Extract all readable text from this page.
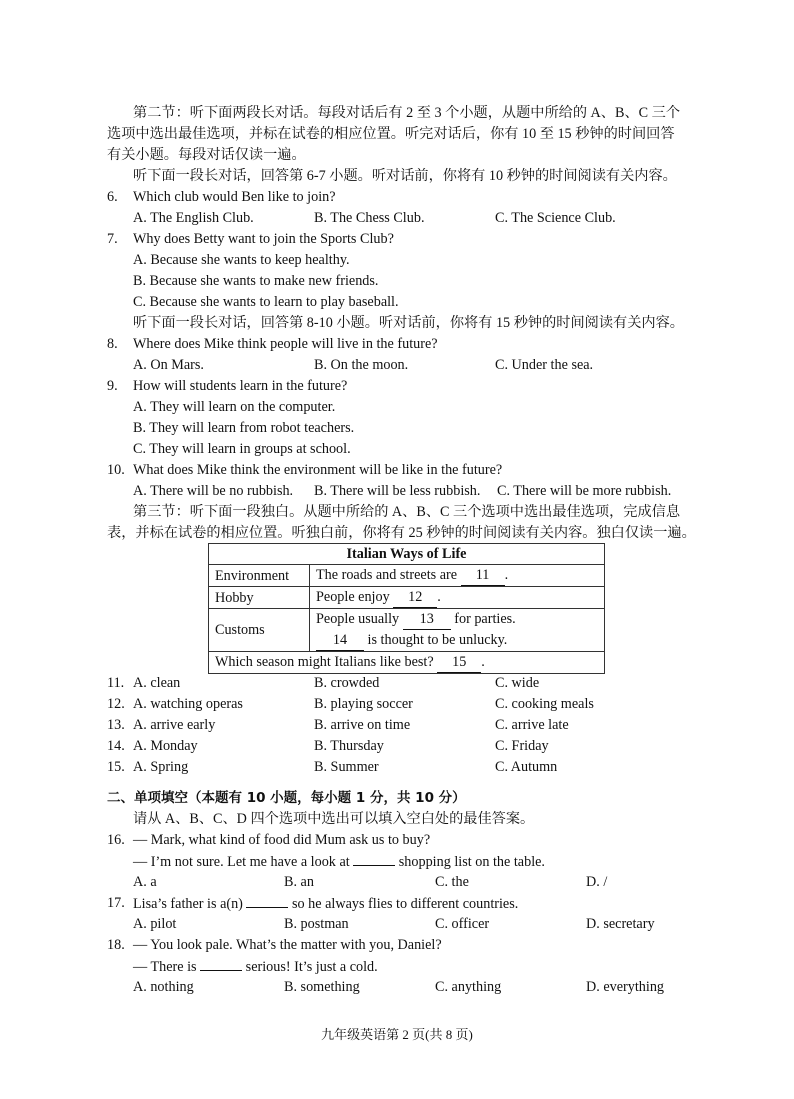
第二节：听下面两段长对话。每段对话后有 2 至 3 个小题，从题中所给的 A、B、C 三个
选项中选出最佳选项，并标在试卷的相应位置。听完对话后，你有 10 至 15 秒钟的时间回答
有关小题。每段对话仅读一遍。
听下面一段长对话，回答第 6-7 小题。听对话前，你将有 10 秒钟的时间阅读有关内容。
6. Which club would Ben like to join?
A. The English Club.	B. The Chess Club.	C. The Science Club.
7. Why does Betty want to join the Sports Club?
A. Because she wants to keep healthy.
B. Because she wants to make new friends.
C. Because she wants to learn to play baseball.
听下面一段长对话，回答第 8-10 小题。听对话前，你将有 15 秒钟的时间阅读有关内容。
8. Where does Mike think people will live in the future?
A. On Mars.	B. On the moon.	C. Under the sea.
9. How will students learn in the future?
A. They will learn on the computer.
B. They will learn from robot teachers.
C. They will learn in groups at school.
10. What does Mike think the environment will be like in the future?
A. There will be no rubbish. B. There will be less rubbish. C. There will be more rubbish.
第三节：听下面一段独白。从题中所给的 A、B、C 三个选项中选出最佳选项，完成信息
表，并标在试卷的相应位置。听独白前，你将有 25 秒钟的时间阅读有关内容。独白仅读一遍。
Italian Ways of Life	
Environment	The roads and streets are 11 .
Hobby	People enjoy 12 .
Customs	People usually 13 for parties.
14 is thought to be unlucky.

Which season might Italians like best? 15 .	
11. A. clean	B. crowded	C. wide
12. A. watching operas	B. playing soccer	C. cooking meals
13. A. arrive early	B. arrive on time	C. arrive late
14. A. Monday	B. Thursday	C. Friday
15. A. Spring	B. Summer	C. Autumn
二、单项填空（本题有 10 小题，每小题 1 分，共 10 分）
请从 A、B、C、D 四个选项中选出可以填入空白处的最佳答案。
16. — Mark, what kind of food did Mum ask us to buy?
— I’m not sure. Let me have a look at	shopping list on the table.
A. a	B. an	C. the	D. /
17. Lisa’s father is a(n)	so he always flies to different countries.
A. pilot	B. postman	C. officer	D. secretary
18. — You look pale. What’s the matter with you, Daniel?
— There is	serious! It’s just a cold.
A. nothing	B. something	C. anything	D. everything
九年级英语第 2 页(共 8 页)
